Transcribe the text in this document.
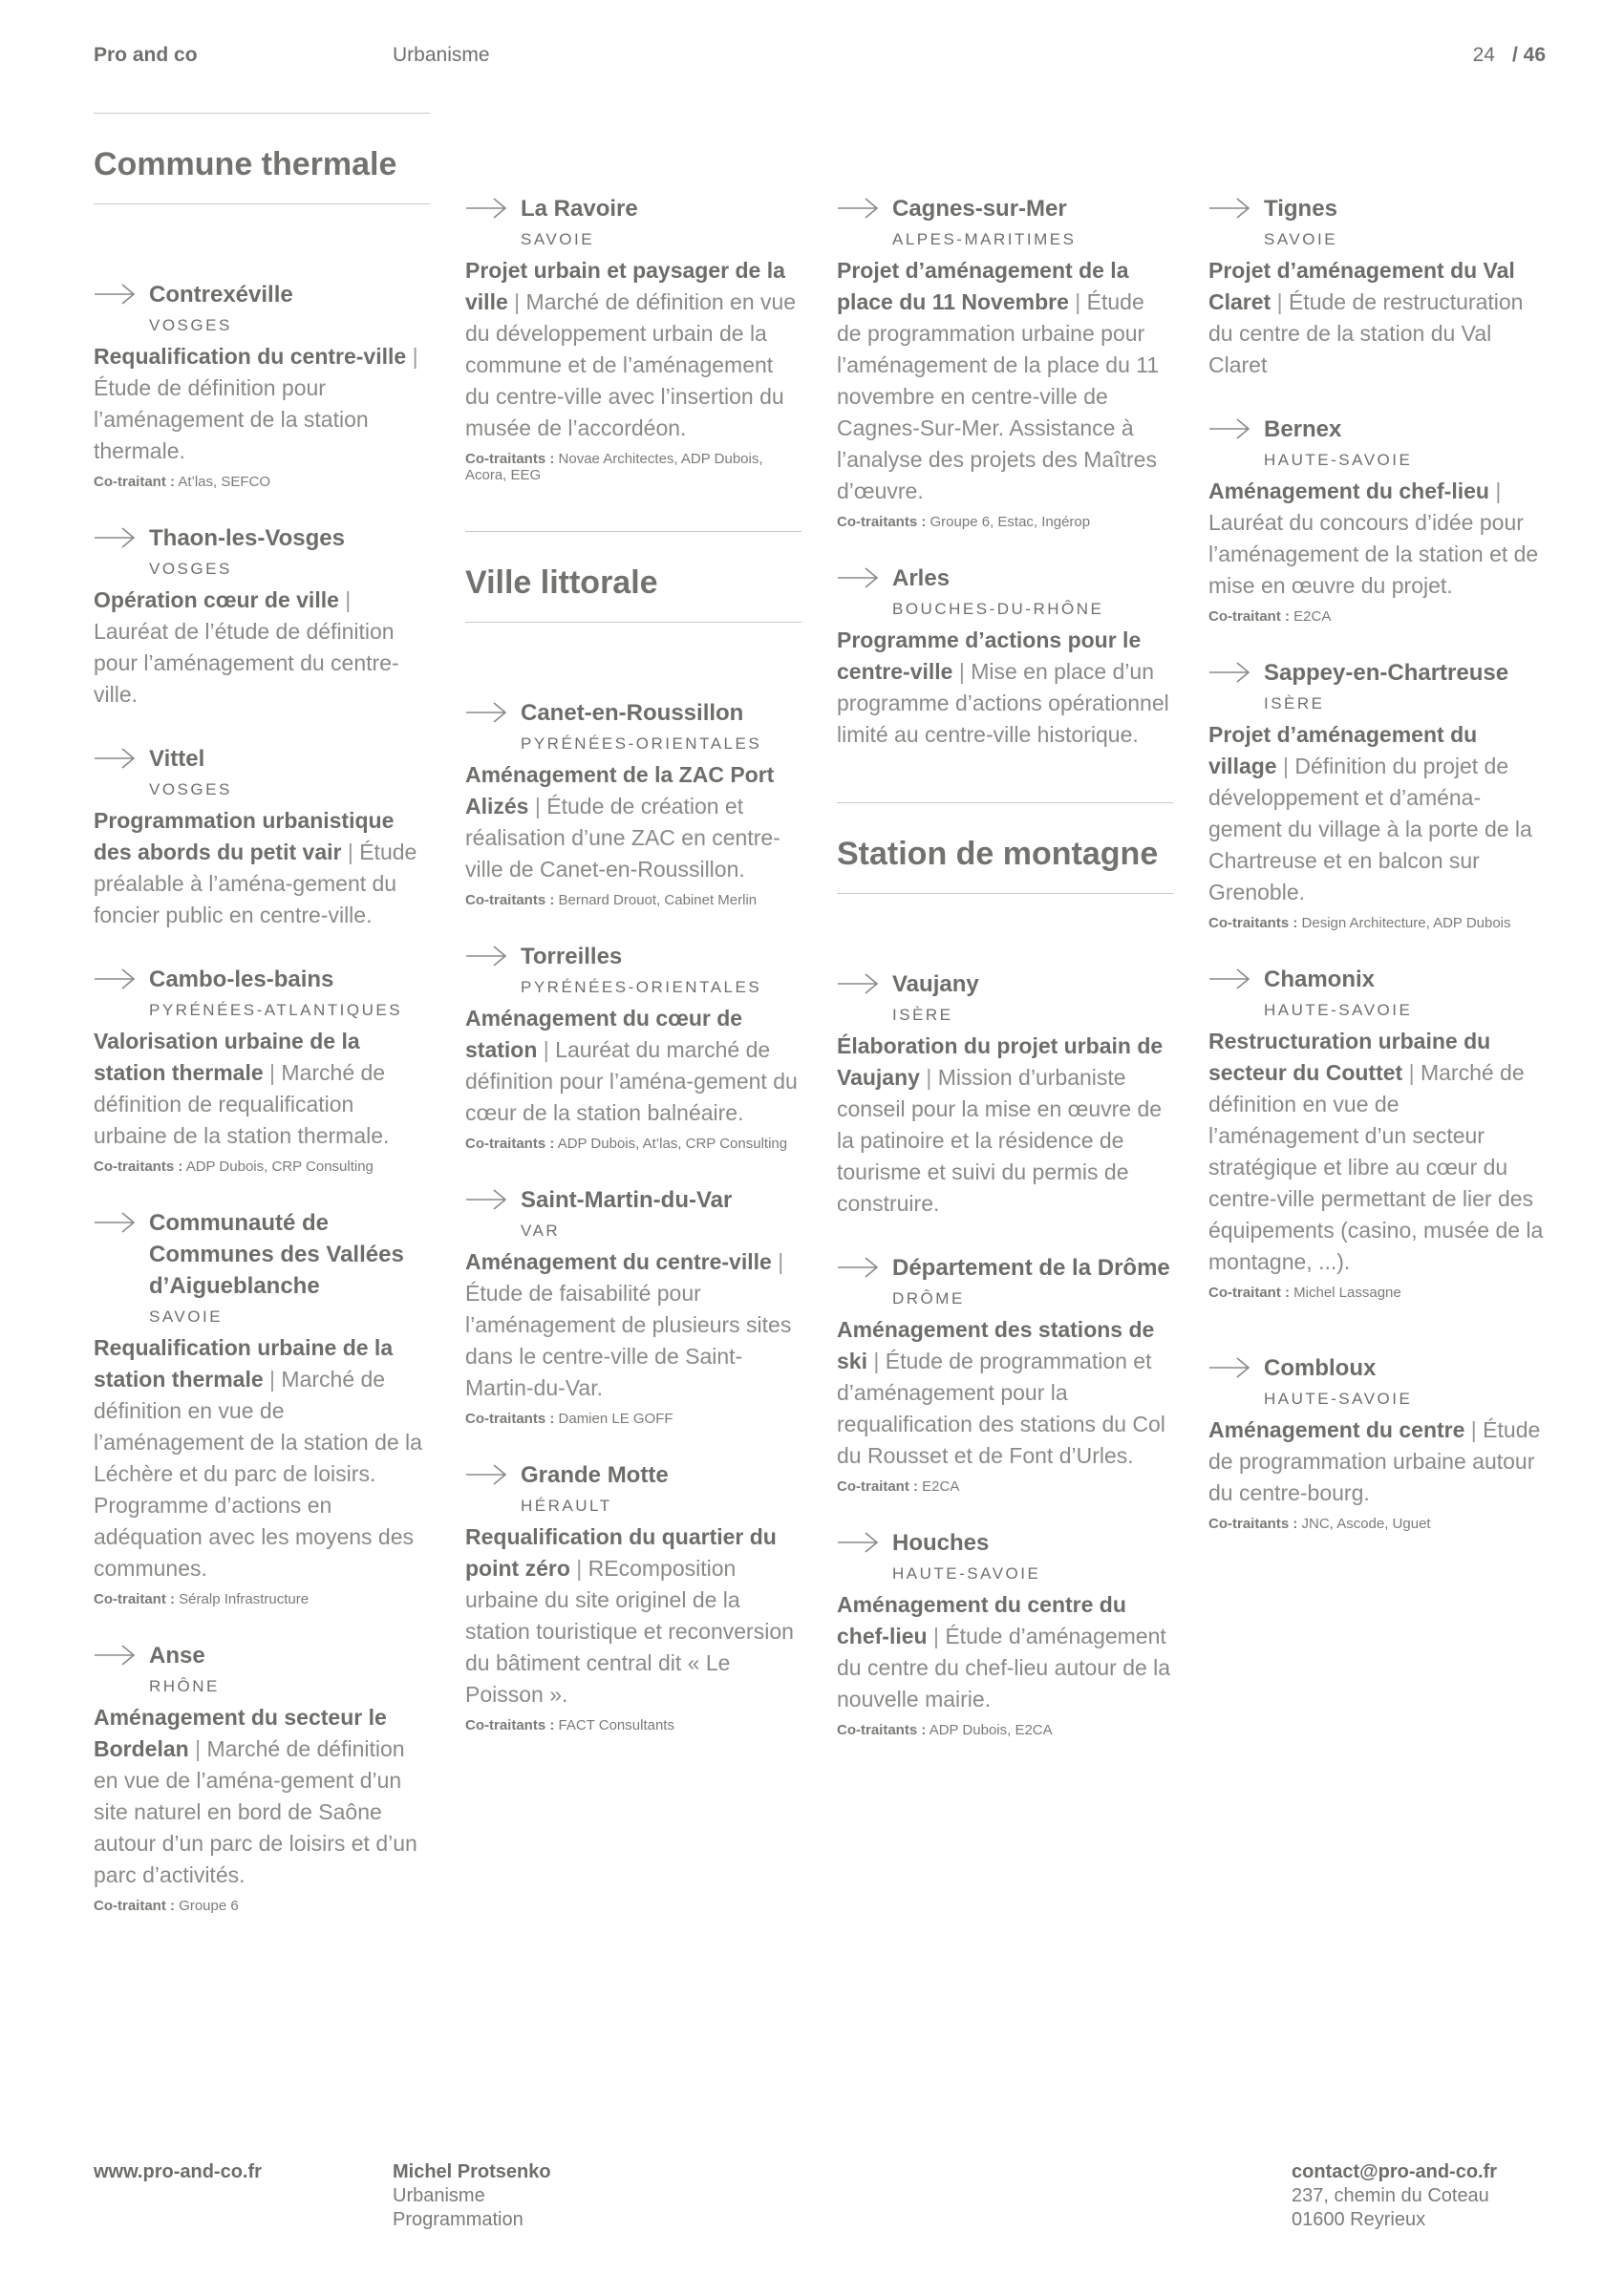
Pro and co	Urbanisme	24 / 46
Commune thermale
Contrexéville
VOSGES
Requalification du centre-ville | Étude de définition pour l’aménagement de la station thermale.
Co-traitant : At’las, SEFCO
Thaon-les-Vosges
VOSGES
Opération cœur de ville | Lauréat de l’étude de définition pour l’aménagement du centre-ville.
Vittel
VOSGES
Programmation urbanistique des abords du petit vair | Étude préalable à l’aména-gement du foncier public en centre-ville.
Cambo-les-bains
PYRÉNÉES-ATLANTIQUES
Valorisation urbaine de la station thermale | Marché de définition de requalification urbaine de la station thermale.
Co-traitants : ADP Dubois, CRP Consulting
Communauté de Communes des Vallées d’Aigueblanche
SAVOIE
Requalification urbaine de la station thermale | Marché de définition en vue de l’aménagement de la station de la Léchère et du parc de loisirs. Programme d’actions en adéquation avec les moyens des communes.
Co-traitant : Séralp Infrastructure
Anse
RHÔNE
Aménagement du secteur le Bordelan | Marché de définition en vue de l’aména-gement d’un site naturel en bord de Saône autour d’un parc de loisirs et d’un parc d’activités.
Co-traitant : Groupe 6
La Ravoire
SAVOIE
Projet urbain et paysager de la ville | Marché de définition en vue du développement urbain de la commune et de l’aménagement du centre-ville avec l’insertion du musée de l’accordéon.
Co-traitants : Novae Architectes, ADP Dubois, Acora, EEG
Ville littorale
Canet-en-Roussillon
PYRÉNÉES-ORIENTALES
Aménagement de la ZAC Port Alizés | Étude de création et réalisation d’une ZAC en centre-ville de Canet-en-Roussillon.
Co-traitants : Bernard Drouot, Cabinet Merlin
Torreilles
PYRÉNÉES-ORIENTALES
Aménagement du cœur de station | Lauréat du marché de définition pour l’aména-gement du cœur de la station balnéaire.
Co-traitants : ADP Dubois, At’las, CRP Consulting
Saint-Martin-du-Var
VAR
Aménagement du centre-ville | Étude de faisabilité pour l’aménagement de plusieurs sites dans le centre-ville de Saint-Martin-du-Var.
Co-traitants : Damien LE GOFF
Grande Motte
HÉRAULT
Requalification du quartier du point zéro | REcomposition urbaine du site originel de la station touristique et reconversion du bâtiment central dit « Le Poisson ».
Co-traitants : FACT Consultants
Cagnes-sur-Mer
ALPES-MARITIMES
Projet d’aménagement de la place du 11 Novembre | Étude de programmation urbaine pour l’aménagement de la place du 11 novembre en centre-ville de Cagnes-Sur-Mer. Assistance à l’analyse des projets des Maîtres d’œuvre.
Co-traitants : Groupe 6, Estac, Ingérop
Arles
BOUCHES-DU-RHÔNE
Programme d’actions pour le centre-ville | Mise en place d’un programme d’actions opérationnel limité au centre-ville historique.
Station de montagne
Vaujany
ISÈRE
Élaboration du projet urbain de Vaujany | Mission d’urbaniste conseil pour la mise en œuvre de la patinoire et la résidence de tourisme et suivi du permis de construire.
Département de la Drôme
DRÔME
Aménagement des stations de ski | Étude de programmation et d’aménagement pour la requalification des stations du Col du Rousset et de Font d’Urles.
Co-traitant : E2CA
Houches
HAUTE-SAVOIE
Aménagement du centre du chef-lieu | Étude d’aménagement du centre du chef-lieu autour de la nouvelle mairie.
Co-traitants : ADP Dubois, E2CA
Tignes
SAVOIE
Projet d’aménagement du Val Claret | Étude de restructuration du centre de la station du Val Claret
Bernex
HAUTE-SAVOIE
Aménagement du chef-lieu | Lauréat du concours d’idée pour l’aménagement de la station et de mise en œuvre du projet.
Co-traitant : E2CA
Sappey-en-Chartreuse
ISÈRE
Projet d’aménagement du village | Définition du projet de développement et d’aména-gement du village à la porte de la Chartreuse et en balcon sur Grenoble.
Co-traitants : Design Architecture, ADP Dubois
Chamonix
HAUTE-SAVOIE
Restructuration urbaine du secteur du Couttet | Marché de définition en vue de l’aménagement d’un secteur stratégique et libre au cœur du centre-ville permettant de lier des équipements (casino, musée de la montagne, ...).
Co-traitant : Michel Lassagne
Combloux
HAUTE-SAVOIE
Aménagement du centre | Étude de programmation urbaine autour du centre-bourg.
Co-traitants : JNC, Ascode, Uguet
www.pro-and-co.fr	Michel Protsenko
Urbanisme
Programmation
contact@pro-and-co.fr
237, chemin du Coteau
01600 Reyrieux
